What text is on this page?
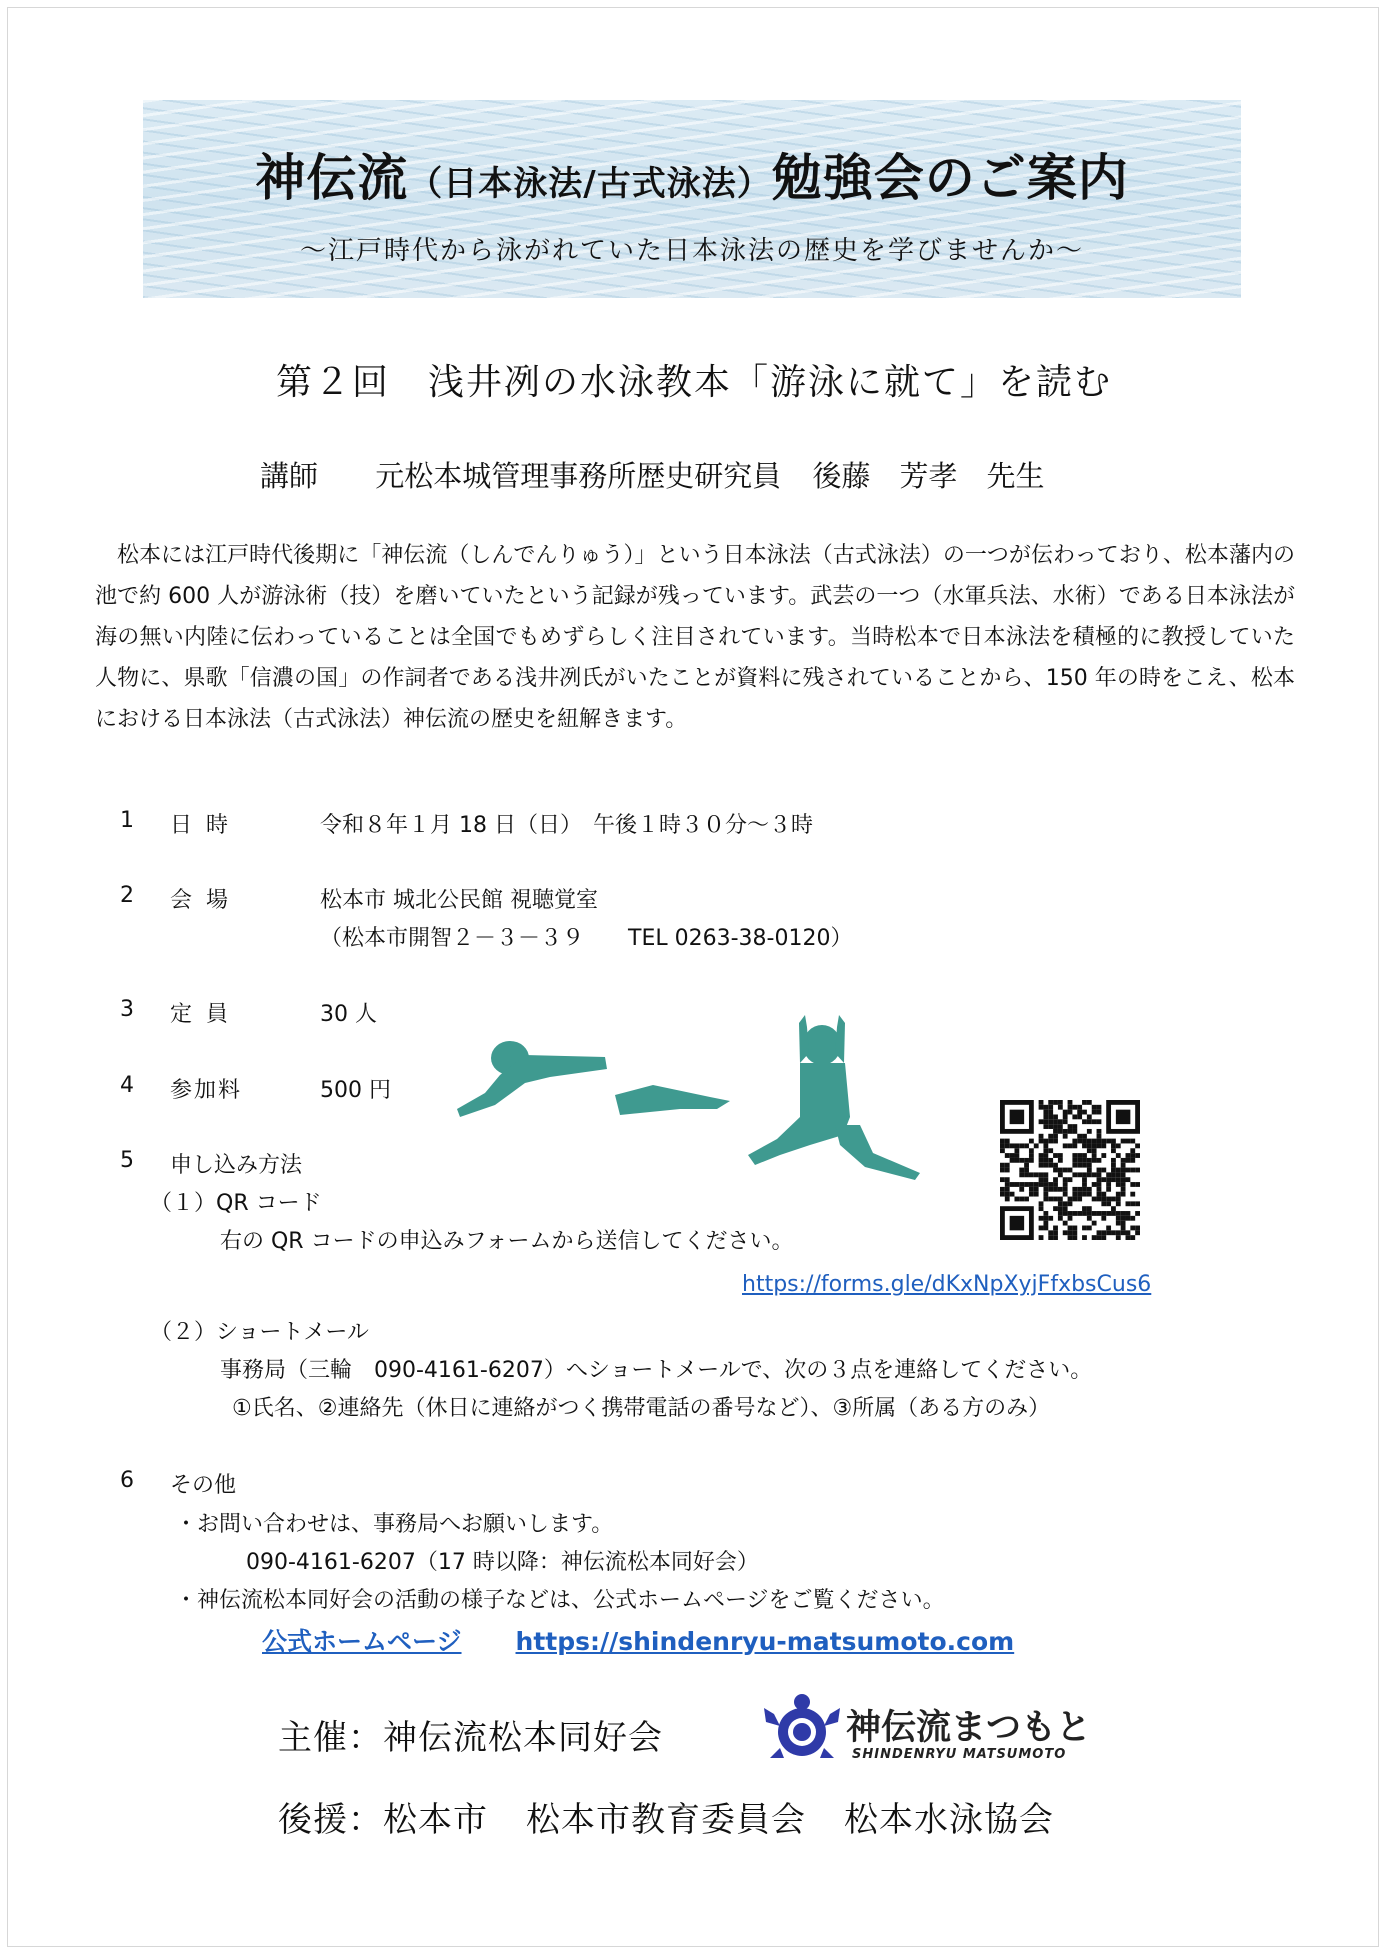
神伝流（日本泳法/古式泳法）勉強会のご案内
～江戸時代から泳がれていた日本泳法の歴史を学びませんか～
第２回　浅井冽の水泳教本「游泳に就て」を読む
講師 元松本城管理事務所歴史研究員 後藤　芳孝　先生
松本には江戸時代後期に「神伝流（しんでんりゅう）」という日本泳法（古式泳法）の一つが伝わっており、松本藩内の池で約 600 人が游泳術（技）を磨いていたという記録が残っています。武芸の一つ（水軍兵法、水術）である日本泳法が海の無い内陸に伝わっていることは全国でもめずらしく注目されています。当時松本で日本泳法を積極的に教授していた人物に、県歌「信濃の国」の作詞者である浅井冽氏がいたことが資料に残されていることから、150 年の時をこえ、松本における日本泳法（古式泳法）神伝流の歴史を紐解きます。
1 日時	令和８年１月 18 日（日）　午後１時３０分～３時
2 会場	松本市 城北公民館 視聴覚室
（松本市開智２－３－３９　　TEL 0263-38-0120）
3 定員	30 人
4 参加料	500 円
5 申し込み方法
（１）QR コード
右の QR コードの申込みフォームから送信してください。
https://forms.gle/dKxNpXyjFfxbsCus6
（２）ショートメール
事務局（三輪　090-4161-6207）へショートメールで、次の３点を連絡してください。
①氏名、②連絡先（休日に連絡がつく携帯電話の番号など）、③所属（ある方のみ）
6 その他
・お問い合わせは、事務局へお願いします。
090-4161-6207（17 時以降：神伝流松本同好会）
・神伝流松本同好会の活動の様子などは、公式ホームページをご覧ください。
公式ホームページ https://shindenryu-matsumoto.com
主催：神伝流松本同好会	神伝流まつもと
SHINDENRYU MATSUMOTO
後援：松本市 松本市教育委員会 松本水泳協会
